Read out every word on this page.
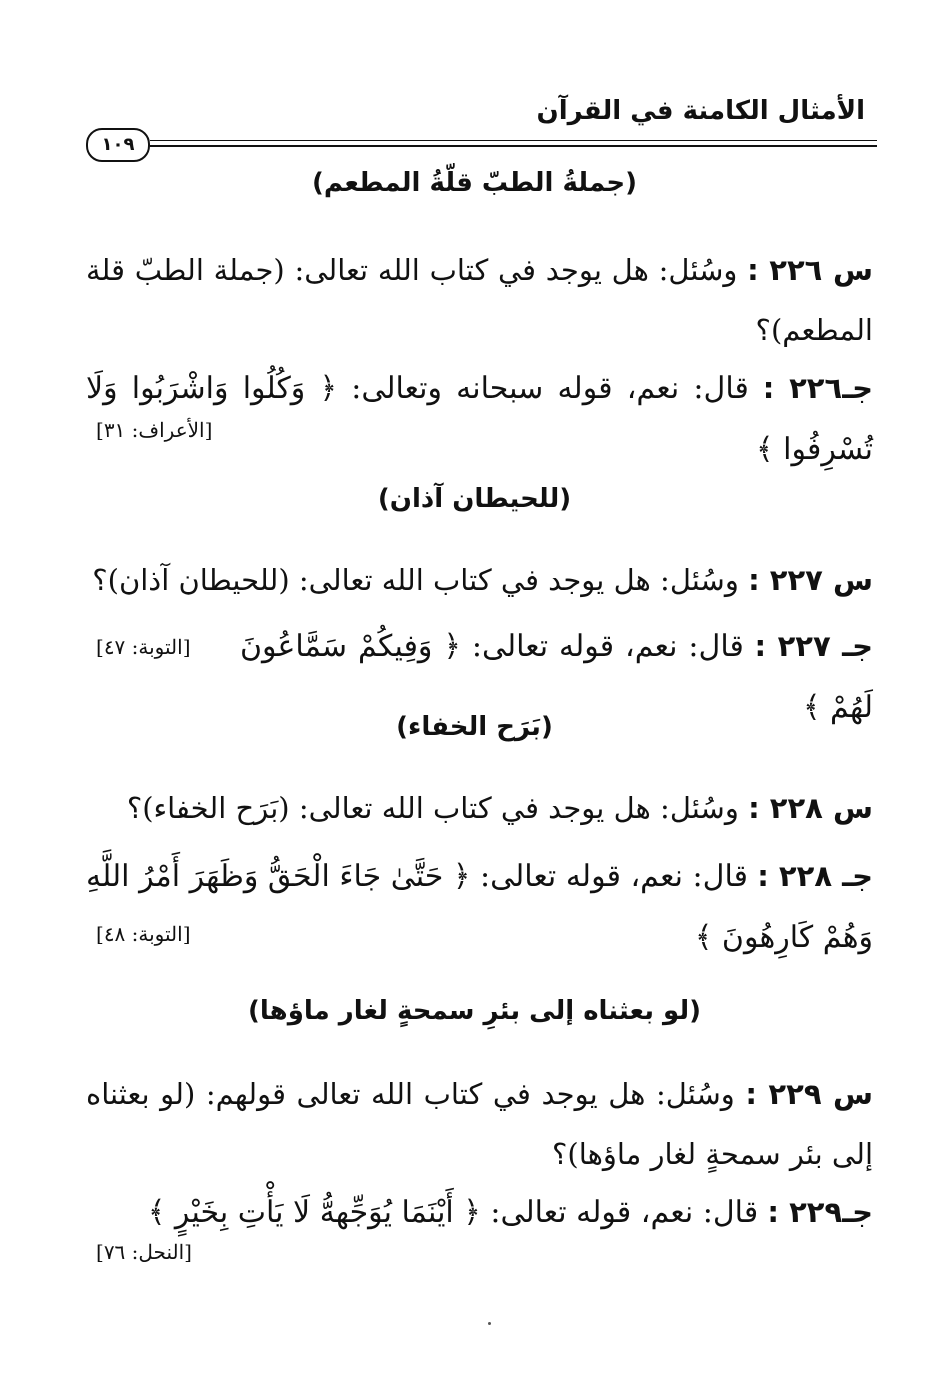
الأمثال الكامنة في القرآن
١٠٩
(جملةُ الطبّ قلّةُ المطعم)
س ٢٢٦ : وسُئل: هل يوجد في كتاب الله تعالى: (جملة الطبّ قلة المطعم)؟
جـ٢٢٦ : قال: نعم، قوله سبحانه وتعالى: ﴿ وَكُلُوا وَاشْرَبُوا وَلَا تُسْرِفُوا ﴾
[الأعراف: ٣١]
(للحيطان آذان)
س ٢٢٧ : وسُئل: هل يوجد في كتاب الله تعالى: (للحيطان آذان)؟
جـ ٢٢٧ : قال: نعم، قوله تعالى: ﴿ وَفِيكُمْ سَمَّاعُونَ لَهُمْ ﴾
[التوبة: ٤٧]
(بَرَح الخفاء)
س ٢٢٨ : وسُئل: هل يوجد في كتاب الله تعالى: (بَرَح الخفاء)؟
جـ ٢٢٨ : قال: نعم، قوله تعالى: ﴿ حَتَّىٰ جَاءَ الْحَقُّ وَظَهَرَ أَمْرُ اللَّهِ وَهُمْ كَارِهُونَ ﴾
[التوبة: ٤٨]
(لو بعثناه إلى بئرِ سمحةٍ لغار ماؤها)
س ٢٢٩ : وسُئل: هل يوجد في كتاب الله تعالى قولهم: (لو بعثناه إلى بئر سمحةٍ لغار ماؤها)؟
جـ٢٢٩ : قال: نعم، قوله تعالى: ﴿ أَيْنَمَا يُوَجِّههُّ لَا يَأْتِ بِخَيْرٍ ﴾
[النحل: ٧٦]
